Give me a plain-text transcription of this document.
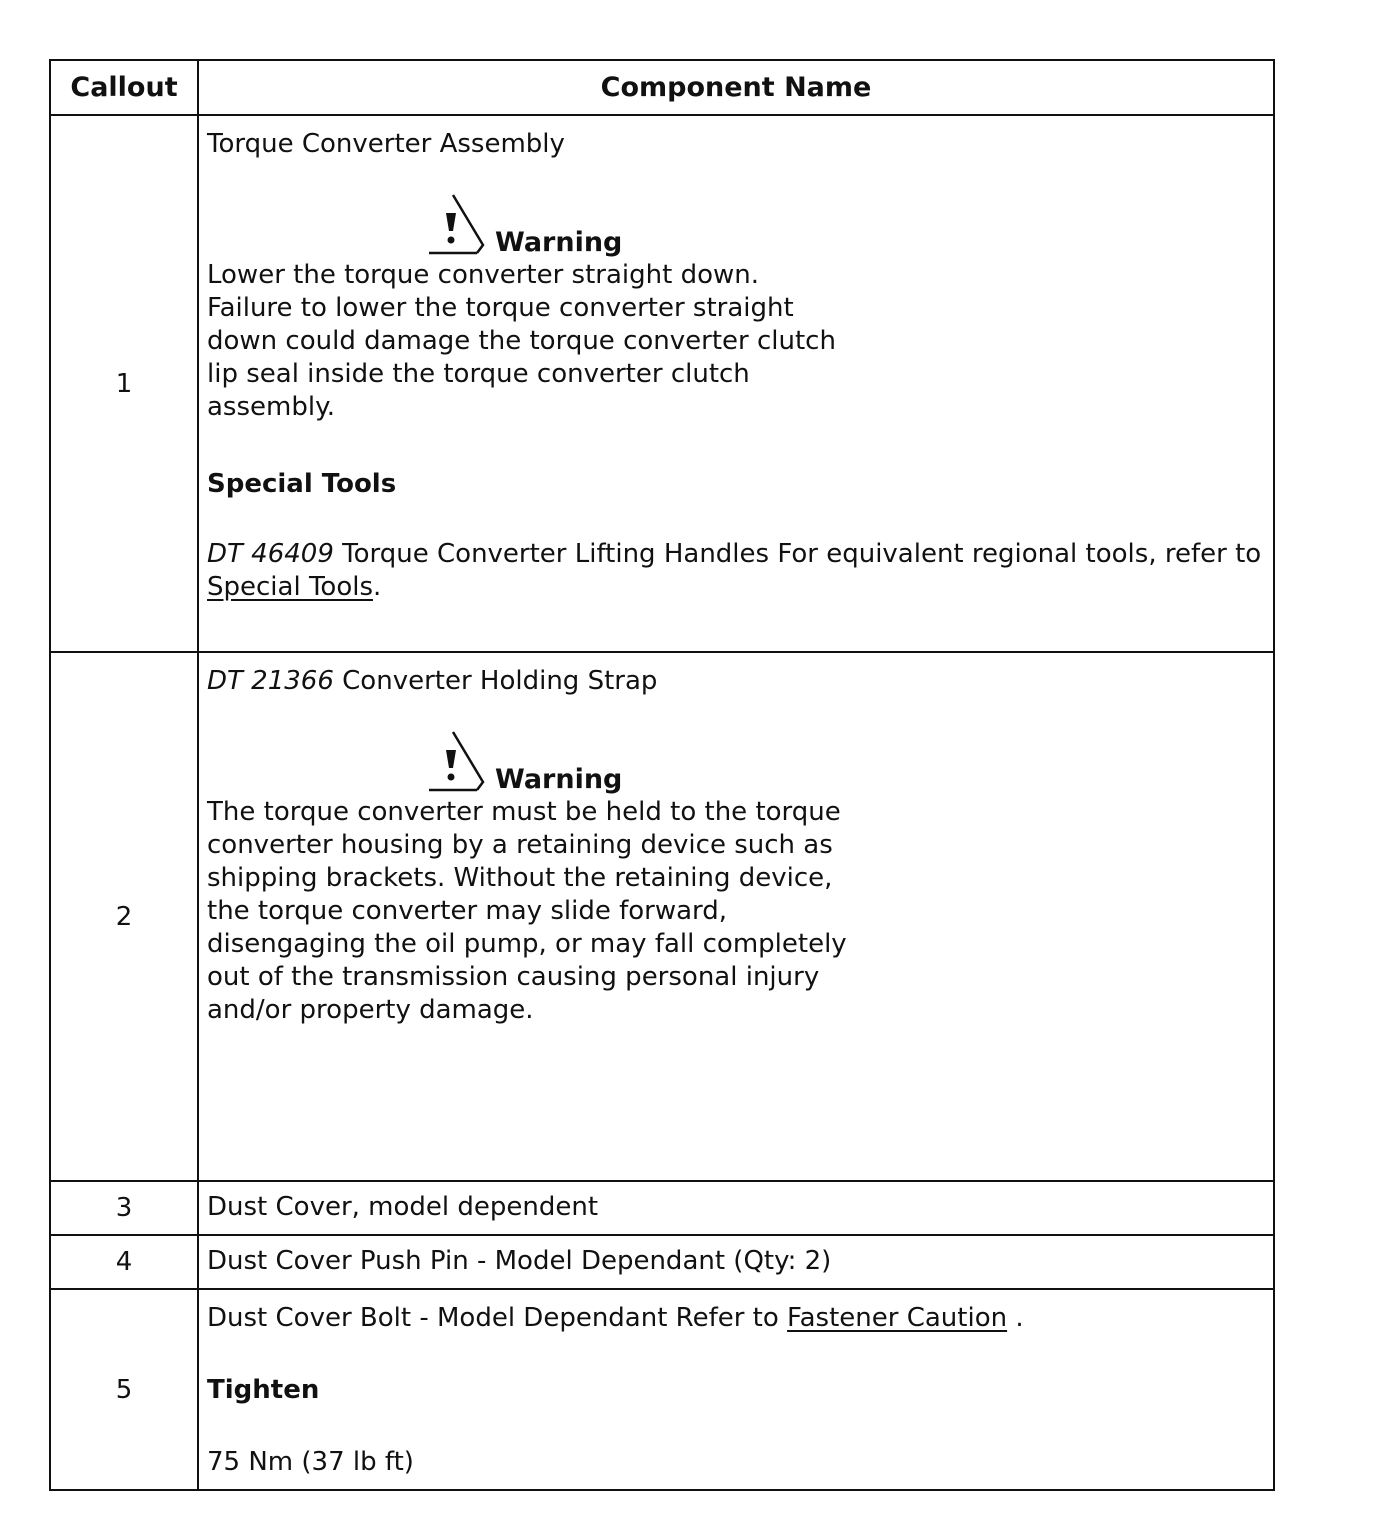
Callout	Component Name
1	Torque Converter Assembly

Warning

Lower the torque converter straight down. Failure to lower the torque converter straight down could damage the torque converter clutch lip seal inside the torque converter clutch assembly.

Special Tools

DT 46409 Torque Converter Lifting Handles For equivalent regional tools, refer to Special Tools.

2	DT 21366 Converter Holding Strap

Warning

The torque converter must be held to the torque converter housing by a retaining device such as shipping brackets. Without the retaining device, the torque converter may slide forward, disengaging the oil pump, or may fall completely out of the transmission causing personal injury and/or property damage.

3	Dust Cover, model dependent
4	Dust Cover Push Pin - Model Dependant (Qty: 2)
5	Dust Cover Bolt - Model Dependant Refer to Fastener Caution .

Tighten

75 Nm (37 lb ft)
